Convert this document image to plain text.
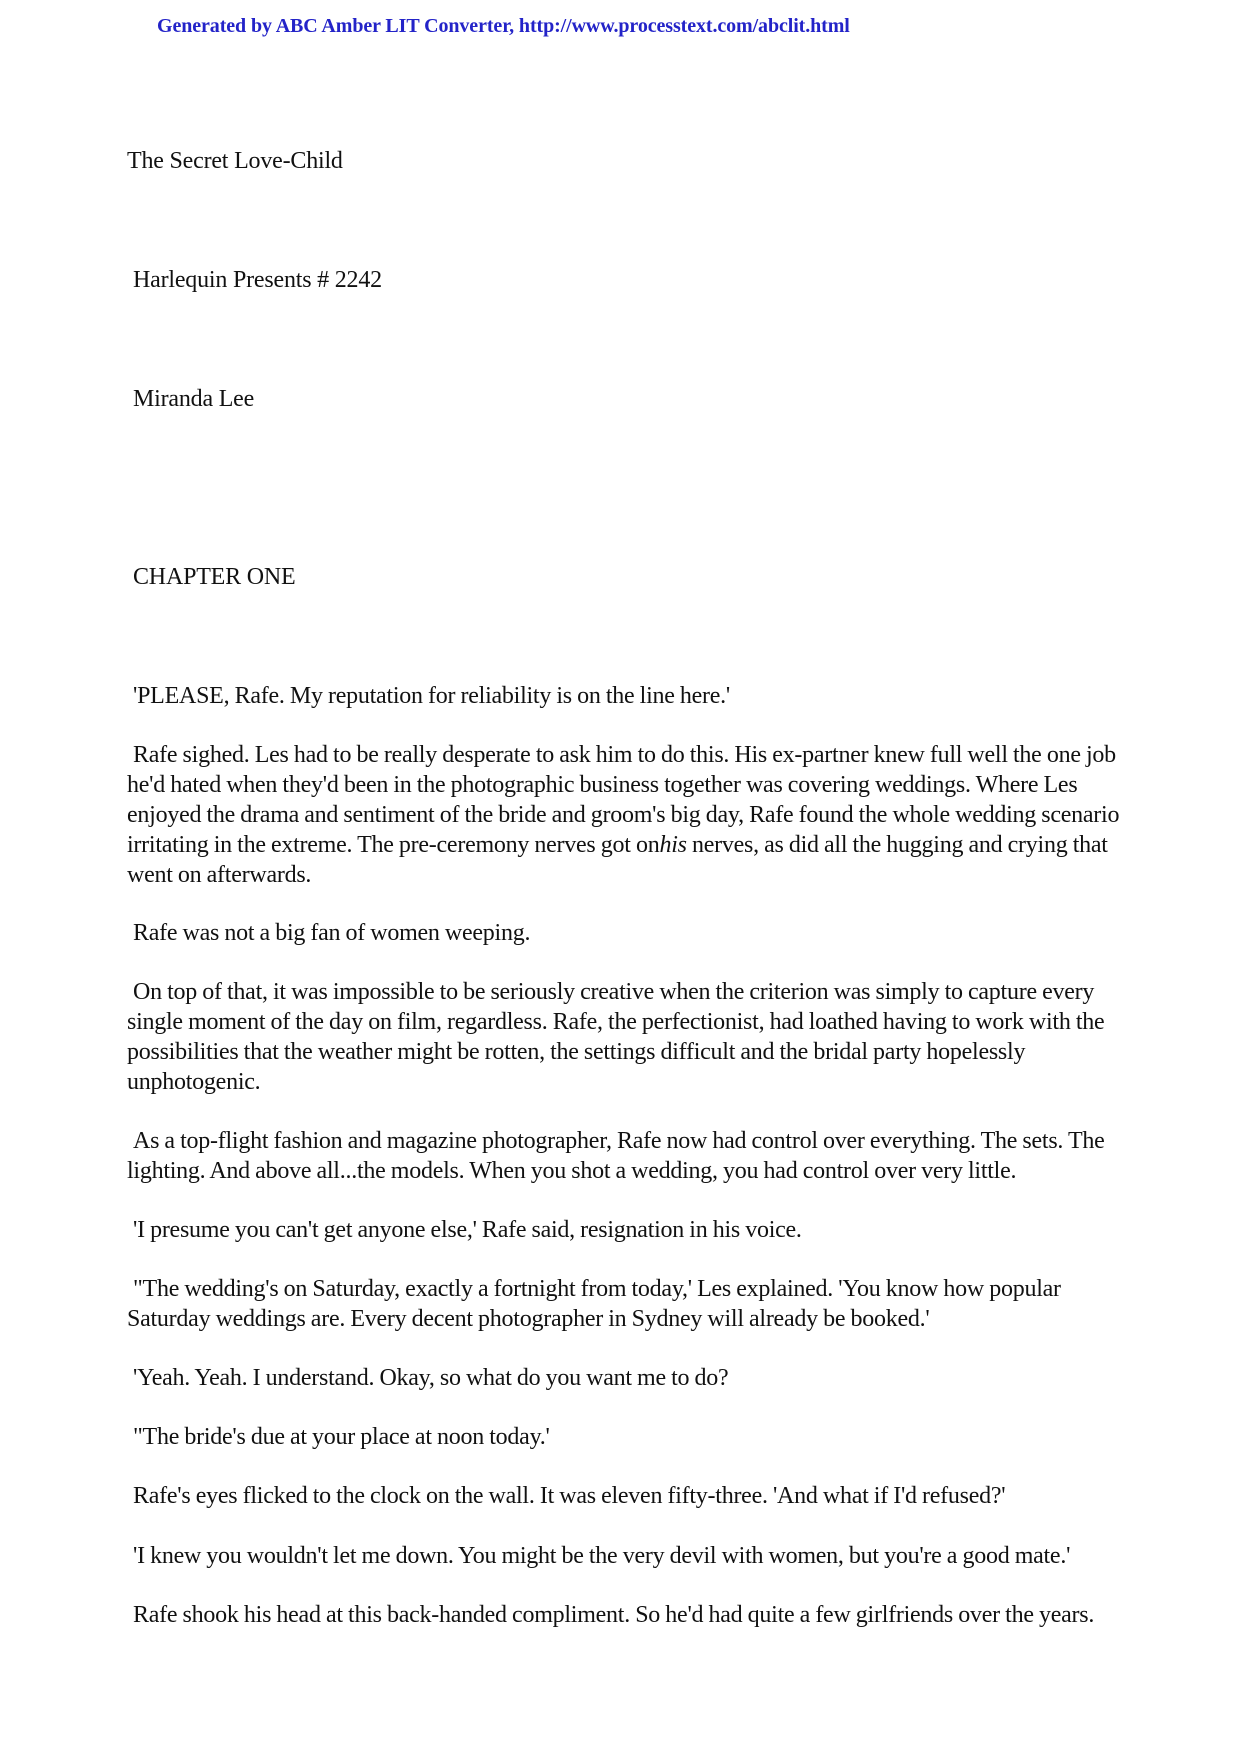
Generated by ABC Amber LIT Converter, http://www.processtext.com/abclit.html
The Secret Love-Child
Harlequin Presents # 2242
Miranda Lee
CHAPTER ONE

'PLEASE, Rafe. My reputation for reliability is on the line here.'

Rafe sighed. Les had to be really desperate to ask him to do this. His ex-partner knew full well the one job he'd hated when they'd been in the photographic business together was covering weddings. Where Les enjoyed the drama and sentiment of the bride and groom's big day, Rafe found the whole wedding scenario irritating in the extreme. The pre-ceremony nerves got onhis nerves, as did all the hugging and crying that went on afterwards.

Rafe was not a big fan of women weeping.

On top of that, it was impossible to be seriously creative when the criterion was simply to capture every single moment of the day on film, regardless. Rafe, the perfectionist, had loathed having to work with the possibilities that the weather might be rotten, the settings difficult and the bridal party hopelessly unphotogenic.

As a top-flight fashion and magazine photographer, Rafe now had control over everything. The sets. The lighting. And above all...the models. When you shot a wedding, you had control over very little.

'I presume you can't get anyone else,' Rafe said, resignation in his voice.

"The wedding's on Saturday, exactly a fortnight from today,' Les explained. 'You know how popular Saturday weddings are. Every decent photographer in Sydney will already be booked.'

'Yeah. Yeah. I understand. Okay, so what do you want me to do?

"The bride's due at your place at noon today.'

Rafe's eyes flicked to the clock on the wall. It was eleven fifty-three. 'And what if I'd refused?'

'I knew you wouldn't let me down. You might be the very devil with women, but you're a good mate.'

Rafe shook his head at this back-handed compliment. So he'd had quite a few girlfriends over the years.
